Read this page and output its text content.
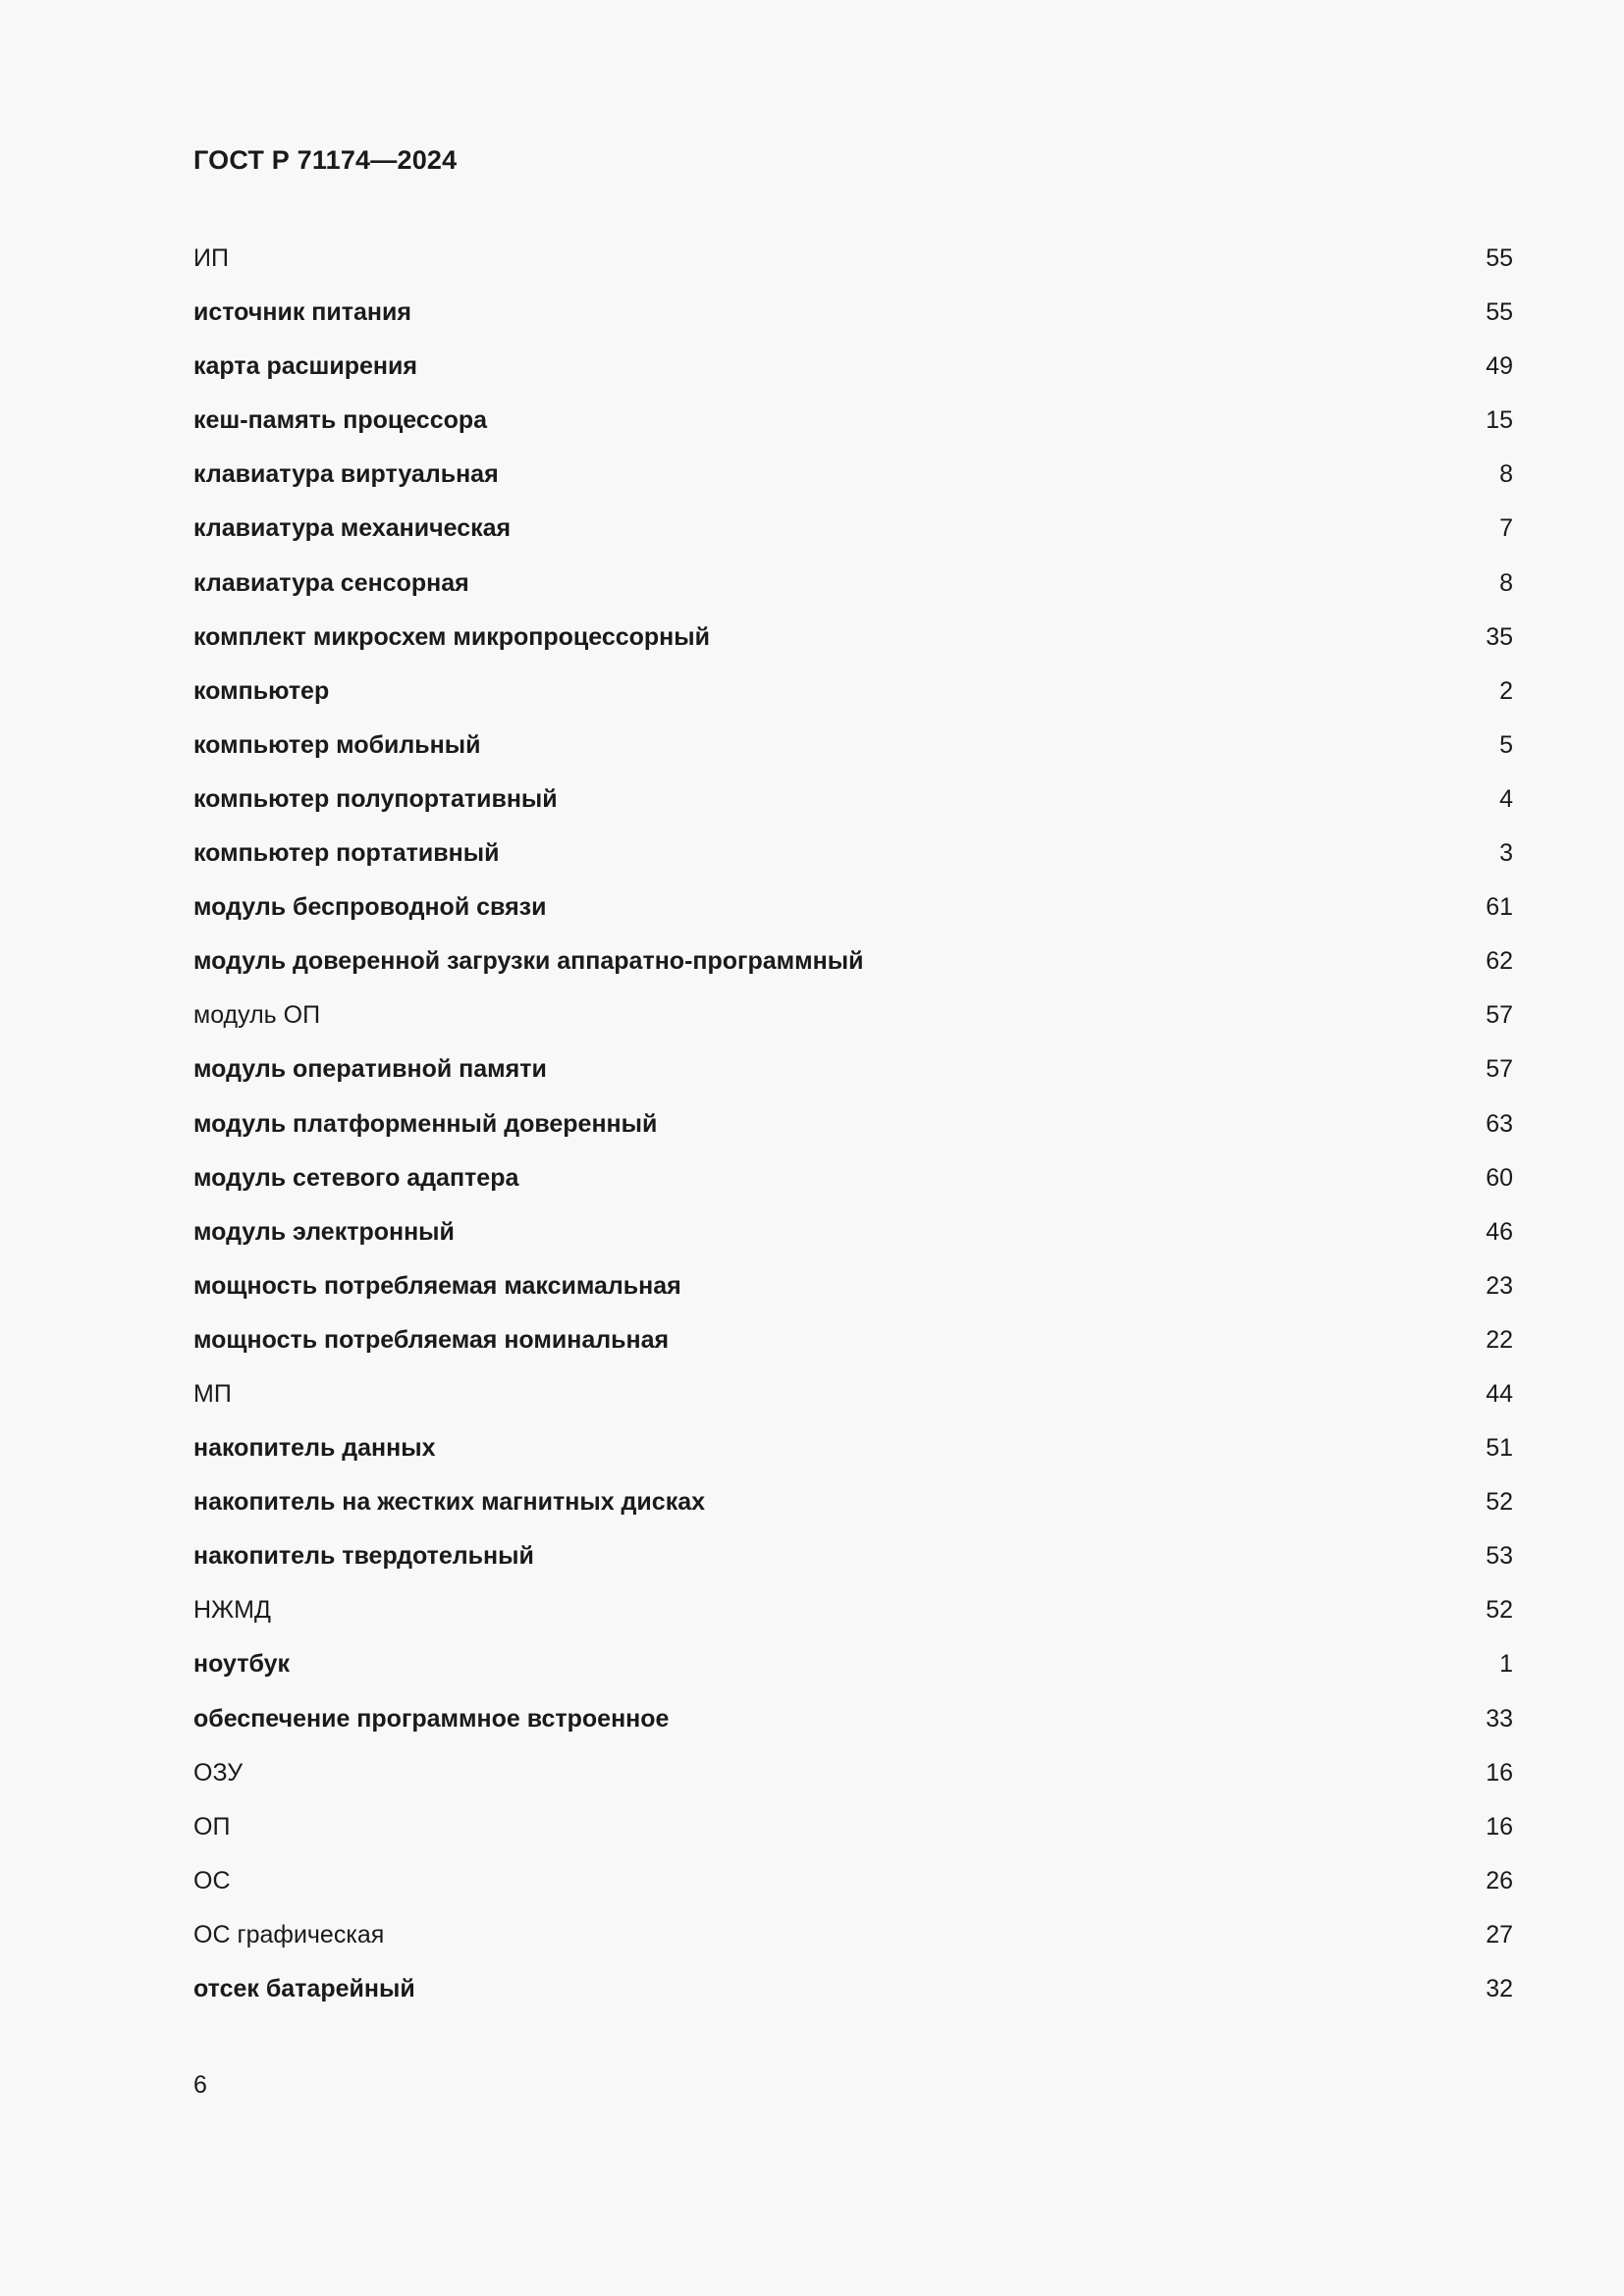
ГОСТ Р 71174—2024
ИП	55
источник питания	55
карта расширения	49
кеш-память процессора	15
клавиатура виртуальная	8
клавиатура механическая	7
клавиатура сенсорная	8
комплект микросхем микропроцессорный	35
компьютер	2
компьютер мобильный	5
компьютер полупортативный	4
компьютер портативный	3
модуль беспроводной связи	61
модуль доверенной загрузки аппаратно-программный	62
модуль ОП	57
модуль оперативной памяти	57
модуль платформенный доверенный	63
модуль сетевого адаптера	60
модуль электронный	46
мощность потребляемая максимальная	23
мощность потребляемая номинальная	22
МП	44
накопитель данных	51
накопитель на жестких магнитных дисках	52
накопитель твердотельный	53
НЖМД	52
ноутбук	1
обеспечение программное встроенное	33
ОЗУ	16
ОП	16
ОС	26
ОС графическая	27
отсек батарейный	32
6
